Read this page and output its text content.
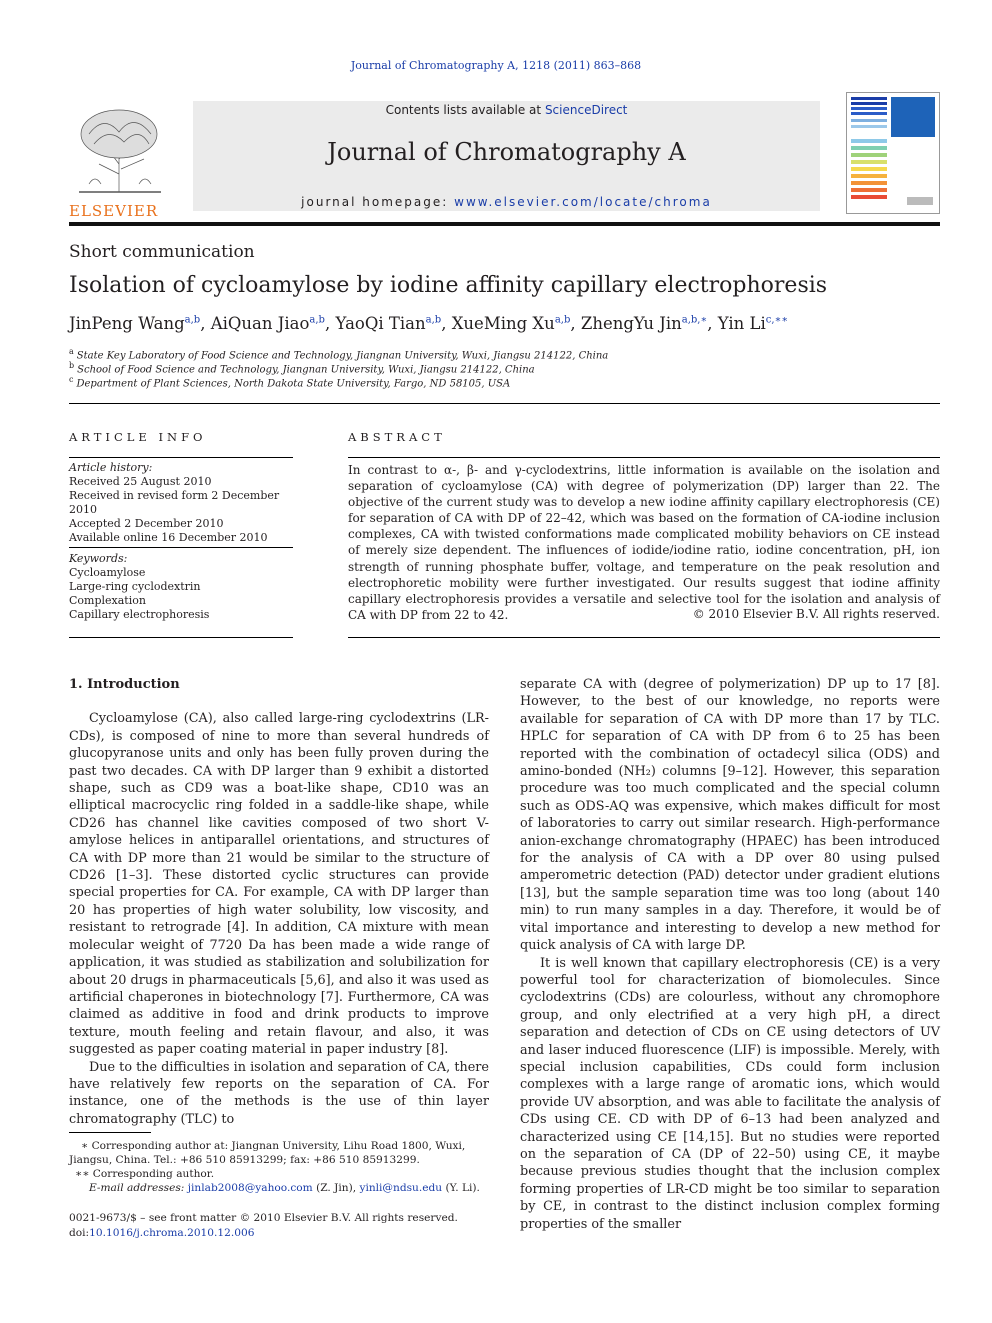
Journal of Chromatography A, 1218 (2011) 863–868
ELSEVIER
Contents lists available at ScienceDirect
Journal of Chromatography A
journal homepage: www.elsevier.com/locate/chroma
Short communication
Isolation of cycloamylose by iodine affinity capillary electrophoresis
JinPeng Wang$^{a,b}$, AiQuan Jiao$^{a,b}$, YaoQi Tian$^{a,b}$, XueMing Xu$^{a,b}$, ZhengYu Jin$^{a,b,∗}$, Yin $Li^{c,∗∗}$
$^a$ State Key Laboratory of Food Science and Technology, Jiangnan University, Wuxi, Jiangsu 214122, China
$^b$ School of Food Science and Technology, Jiangnan University, Wuxi, Jiangsu 214122, China
$^c$ Department of Plant Sciences, North Dakota State University, Fargo, ND 58105, USA
ARTICLE INFO
Article history:
Received 25 August 2010
Received in revised form 2 December 2010
Accepted 2 December 2010
Available online 16 December 2010
Keywords:
Cycloamylose
Large-ring cyclodextrin
Complexation
Capillary electrophoresis
ABSTRACT
In contrast to α-, β- and γ-cyclodextrins, little information is available on the isolation and separation of cycloamylose (CA) with degree of polymerization (DP) larger than 22. The objective of the current study was to develop a new iodine affinity capillary electrophoresis (CE) for separation of CA with DP of 22–42, which was based on the formation of CA-iodine inclusion complexes, CA with twisted conformations made complicated mobility behaviors on CE instead of merely size dependent. The influences of iodide/iodine ratio, iodine concentration, pH, ion strength of running phosphate buffer, voltage, and temperature on the peak resolution and electrophoretic mobility were further investigated. Our results suggest that iodine affinity capillary electrophoresis provides a versatile and selective tool for the isolation and analysis of CA with DP from 22 to 42.	© 2010 Elsevier B.V. All rights reserved.
1. Introduction

Cycloamylose (CA), also called large-ring cyclodextrins (LR-CDs), is composed of nine to more than several hundreds of glucopyranose units and only has been fully proven during the past two decades. CA with DP larger than 9 exhibit a distorted shape, such as CD9 was a boat-like shape, CD10 was an elliptical macrocyclic ring folded in a saddle-like shape, while CD26 has channel like cavities composed of two short V-amylose helices in antiparallel orientations, and structures of CA with DP more than 21 would be similar to the structure of CD26 [1–3]. These distorted cyclic structures can provide special properties for CA. For example, CA with DP larger than 20 has properties of high water solubility, low viscosity, and resistant to retrograde [4]. In addition, CA mixture with mean molecular weight of 7720 Da has been made a wide range of application, it was studied as stabilization and solubilization for about 20 drugs in pharmaceuticals [5,6], and also it was used as artificial chaperones in biotechnology [7]. Furthermore, CA was claimed as additive in food and drink products to improve texture, mouth feeling and retain flavour, and also, it was suggested as paper coating material in paper industry [8].

Due to the difficulties in isolation and separation of CA, there have relatively few reports on the separation of CA. For instance, one of the methods is the use of thin layer chromatography (TLC) to

separate CA with (degree of polymerization) DP up to 17 [8]. However, to the best of our knowledge, no reports were available for separation of CA with DP more than 17 by TLC. HPLC for separation of CA with DP from 6 to 25 has been reported with the combination of octadecyl silica (ODS) and amino-bonded (NH₂) columns [9–12]. However, this separation procedure was too much complicated and the special column such as ODS-AQ was expensive, which makes difficult for most of laboratories to carry out similar research. High-performance anion-exchange chromatography (HPAEC) has been introduced for the analysis of CA with a DP over 80 using pulsed amperometric detection (PAD) detector under gradient elutions [13], but the sample separation time was too long (about 140 min) to run many samples in a day. Therefore, it would be of vital importance and interesting to develop a new method for quick analysis of CA with large DP.

It is well known that capillary electrophoresis (CE) is a very powerful tool for characterization of biomolecules. Since cyclodextrins (CDs) are colourless, without any chromophore group, and only electrified at a very high pH, a direct separation and detection of CDs on CE using detectors of UV and laser induced fluorescence (LIF) is impossible. Merely, with special inclusion capabilities, CDs could form inclusion complexes with a large range of aromatic ions, which would provide UV absorption, and was able to facilitate the analysis of CDs using CE. CD with DP of 6–13 had been analyzed and characterized using CE [14,15]. But no studies were reported on the separation of CA (DP of 22–50) using CE, it maybe because previous studies thought that the inclusion complex forming properties of LR-CD might be too similar to separation by CE, in contrast to the distinct inclusion complex forming properties of the smaller

∗ Corresponding author at: Jiangnan University, Lihu Road 1800, Wuxi, Jiangsu, China. Tel.: +86 510 85913299; fax: +86 510 85913299.
∗∗ Corresponding author.
E-mail addresses: jinlab2008@yahoo.com (Z. Jin), yinli@ndsu.edu (Y. Li).
0021-9673/$ – see front matter © 2010 Elsevier B.V. All rights reserved.
doi:10.1016/j.chroma.2010.12.006
